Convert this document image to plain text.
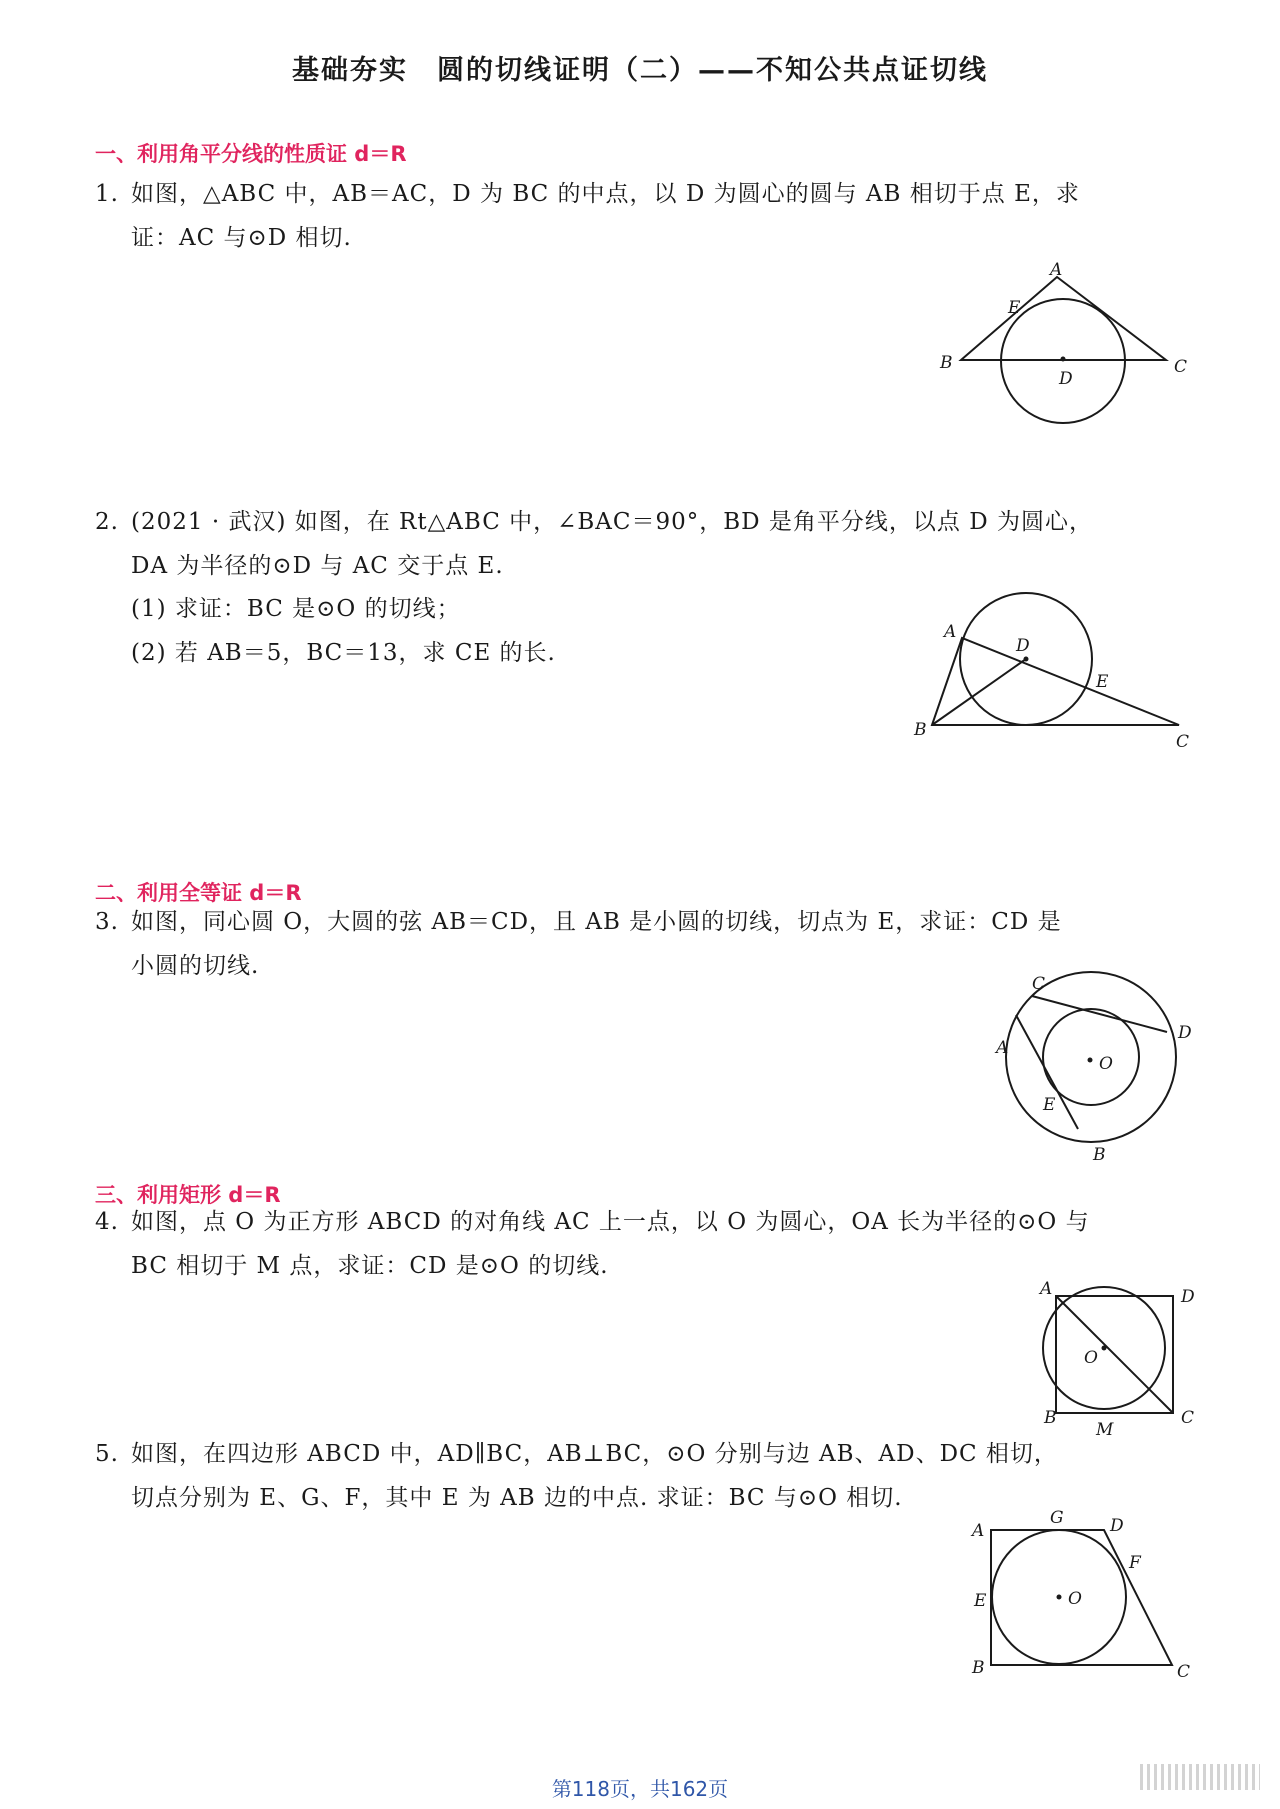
基础夯实　圆的切线证明（二）——不知公共点证切线
一、利用角平分线的性质证 d＝R
1. 如图，△ABC 中，AB＝AC，D 为 BC 的中点，以 D 为圆心的圆与 AB 相切于点 E，求
证：AC 与⊙D 相切.
A
E
B	C
D
2. (2021 · 武汉) 如图，在 Rt△ABC 中，∠BAC＝90°，BD 是角平分线，以点 D 为圆心，
DA 为半径的⊙D 与 AC 交于点 E.
(1) 求证：BC 是⊙O 的切线；
(2) 若 AB＝5，BC＝13，求 CE 的长.
A
D
E
B
C
二、利用全等证 d＝R
3. 如图，同心圆 O，大圆的弦 AB＝CD，且 AB 是小圆的切线，切点为 E，求证：CD 是
小圆的切线.
C
D
A
O
E
B
三、利用矩形 d＝R
4. 如图，点 O 为正方形 ABCD 的对角线 AC 上一点，以 O 为圆心，OA 长为半径的⊙O 与
BC 相切于 M 点，求证：CD 是⊙O 的切线.
A	D
O
B
M
C
5. 如图，在四边形 ABCD 中，AD∥BC，AB⊥BC，⊙O 分别与边 AB、AD、DC 相切，
切点分别为 E、G、F，其中 E 为 AB 边的中点. 求证：BC 与⊙O 相切.
A
G	D
F
E	O
B	C
第118页，共162页
